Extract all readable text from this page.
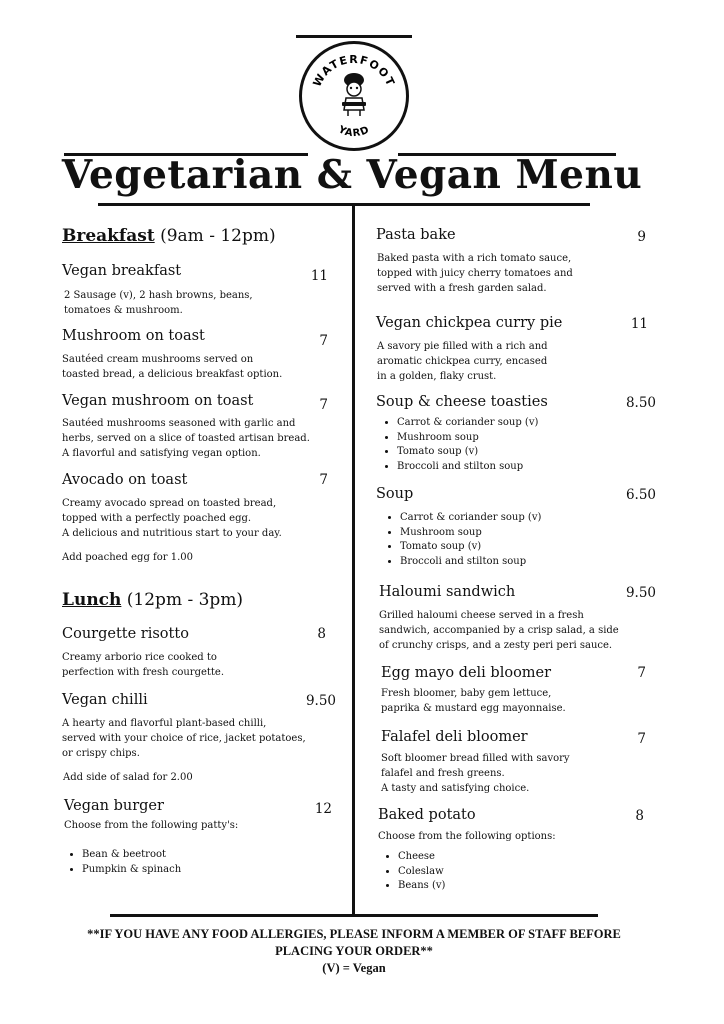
WATERFOOT
YARD
Vegetarian & Vegan Menu
Breakfast (9am - 12pm)
Vegan breakfast	11

2 Sausage (v), 2 hash browns, beans,

tomatoes & mushroom.

Mushroom on toast	7

Sautéed cream mushrooms served on

toasted bread, a delicious breakfast option.

Vegan mushroom on toast	7

Sautéed mushrooms seasoned with garlic and

herbs, served on a slice of toasted artisan bread.

A flavorful and satisfying vegan option.

Avocado on toast	7

Creamy avocado spread on toasted bread,

topped with a perfectly poached egg.

A delicious and nutritious start to your day.

Add poached egg for 1.00
Lunch (12pm - 3pm)
Courgette risotto	8

Creamy arborio rice cooked to

perfection with fresh courgette.

Vegan chilli	9.50

A hearty and flavorful plant-based chilli,

served with your choice of rice, jacket potatoes,

or crispy chips.

Add side of salad for 2.00
Vegan burger	12
Choose from the following patty's:
• Bean & beetroot
• Pumpkin & spinach
Pasta bake	9

Baked pasta with a rich tomato sauce,

topped with juicy cherry tomatoes and

served with a fresh garden salad.

Vegan chickpea curry pie	11

A savory pie filled with a rich and

aromatic chickpea curry, encased

in a golden, flaky crust.

Soup & cheese toasties	8.50
• Carrot & coriander soup (v)
• Mushroom soup
• Tomato soup (v)
• Broccoli and stilton soup
Soup	6.50
• Carrot & coriander soup (v)
• Mushroom soup
• Tomato soup (v)
• Broccoli and stilton soup
Haloumi sandwich	9.50

Grilled haloumi cheese served in a fresh

sandwich, accompanied by a crisp salad, a side

of crunchy crisps, and a zesty peri peri sauce.

Egg mayo deli bloomer	7

Fresh bloomer, baby gem lettuce,

paprika & mustard egg mayonnaise.

Falafel deli bloomer	7

Soft bloomer bread filled with savory

falafel and fresh greens.

A tasty and satisfying choice.

Baked potato	8
Choose from the following options:
• Cheese
• Coleslaw
• Beans (v)
**IF YOU HAVE ANY FOOD ALLERGIES, PLEASE INFORM A MEMBER OF STAFF BEFORE
PLACING YOUR ORDER**
(V) = Vegan
